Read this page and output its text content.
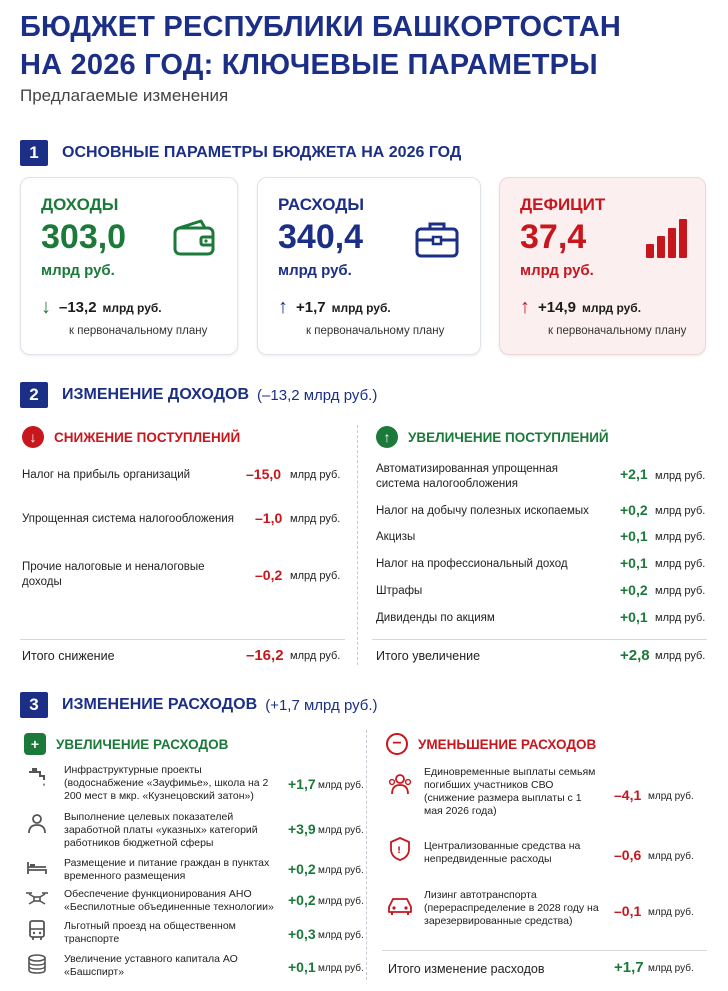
БЮДЖЕТ РЕСПУБЛИКИ БАШКОРТОСТАН
НА 2026 ГОД: КЛЮЧЕВЫЕ ПАРАМЕТРЫ
Предлагаемые изменения
1	ОСНОВНЫЕ ПАРАМЕТРЫ БЮДЖЕТА НА 2026 ГОД
ДОХОДЫ
303,0
млрд руб.
↓ –13,2 млрд руб.
к первоначальному плану
РАСХОДЫ
340,4
млрд руб.
↑ +1,7 млрд руб.
к первоначальному плану
ДЕФИЦИТ
37,4
млрд руб.
↑ +14,9 млрд руб.
к первоначальному плану
2	ИЗМЕНЕНИЕ ДОХОДОВ (–13,2 млрд руб.)
↓	СНИЖЕНИЕ ПОСТУПЛЕНИЙ
Налог на прибыль организаций	–15,0 млрд руб.
Упрощенная система налогообложения	–1,0 млрд руб.
Прочие налоговые и неналоговые доходы	–0,2 млрд руб.
Итого снижение	–16,2 млрд руб.
↑	УВЕЛИЧЕНИЕ ПОСТУПЛЕНИЙ
Автоматизированная упрощенная система налогообложения
+2,1 млрд руб.
Налог на добычу полезных ископаемых	+0,2 млрд руб.
Акцизы	+0,1 млрд руб.
Налог на профессиональный доход	+0,1 млрд руб.
Штрафы	+0,2 млрд руб.
Дивиденды по акциям	+0,1 млрд руб.
Итого увеличение	+2,8 млрд руб.
3	ИЗМЕНЕНИЕ РАСХОДОВ (+1,7 млрд руб.)
+	УВЕЛИЧЕНИЕ РАСХОДОВ
Инфраструктурные проекты (водоснабжение «Зауфимье», школа на 2 200 мест в мкр. «Кузнецовский затон»)
+1,7 млрд руб.
Выполнение целевых показателей заработной платы «указных» категорий работников бюджетной сферы
+3,9 млрд руб.
Размещение и питание граждан в пунктах временного размещения	+0,2 млрд руб.
Обеспечение функционирования АНО «Беспилотные объединенные технологии»	+0,2 млрд руб.
Льготный проезд на общественном транспорте	+0,3 млрд руб.
Увеличение уставного капитала АО «Башспирт»	+0,1 млрд руб.
−	УМЕНЬШЕНИЕ РАСХОДОВ
Единовременные выплаты семьям погибших участников СВО (снижение размера выплаты с 1 мая 2026 года)
–4,1 млрд руб.
! Централизованные средства на непредвиденные расходы	–0,6 млрд руб.
Лизинг автотранспорта (перераспределение в 2028 году на зарезервированные средства)
–0,1 млрд руб.
Итого изменение расходов	+1,7 млрд руб.
